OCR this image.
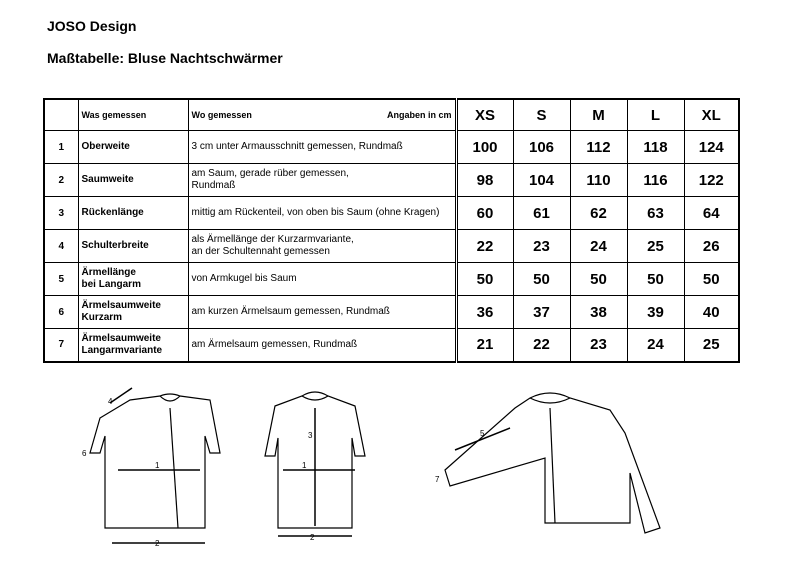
JOSO Design
Maßtabelle: Bluse Nachtschwärmer
	Was gemessen	Wo gemessen Angaben in cm	XS	S	M	L	XL
1	Oberweite	3 cm unter Armausschnitt gemessen, Rundmaß	100	106	112	118	124
2	Saumweite	am Saum, gerade rüber gemessen,
Rundmaß	98	104	110	116	122
3	Rückenlänge	mittig am Rückenteil, von oben bis Saum (ohne Kragen)	60	61	62	63	64
4	Schulterbreite	als Ärmellänge der Kurzarmvariante,
an der Schultennaht gemessen	22	23	24	25	26
5	Ärmellänge
bei Langarm	von Armkugel bis Saum	50	50	50	50	50
6	Ärmelsaumweite
Kurzarm	am kurzen Ärmelsaum gemessen, Rundmaß	36	37	38	39	40
7	Ärmelsaumweite
Langarmvariante	am Ärmelsaum gemessen, Rundmaß	21	22	23	24	25
4
6
1
2
3
1
2
5
7
